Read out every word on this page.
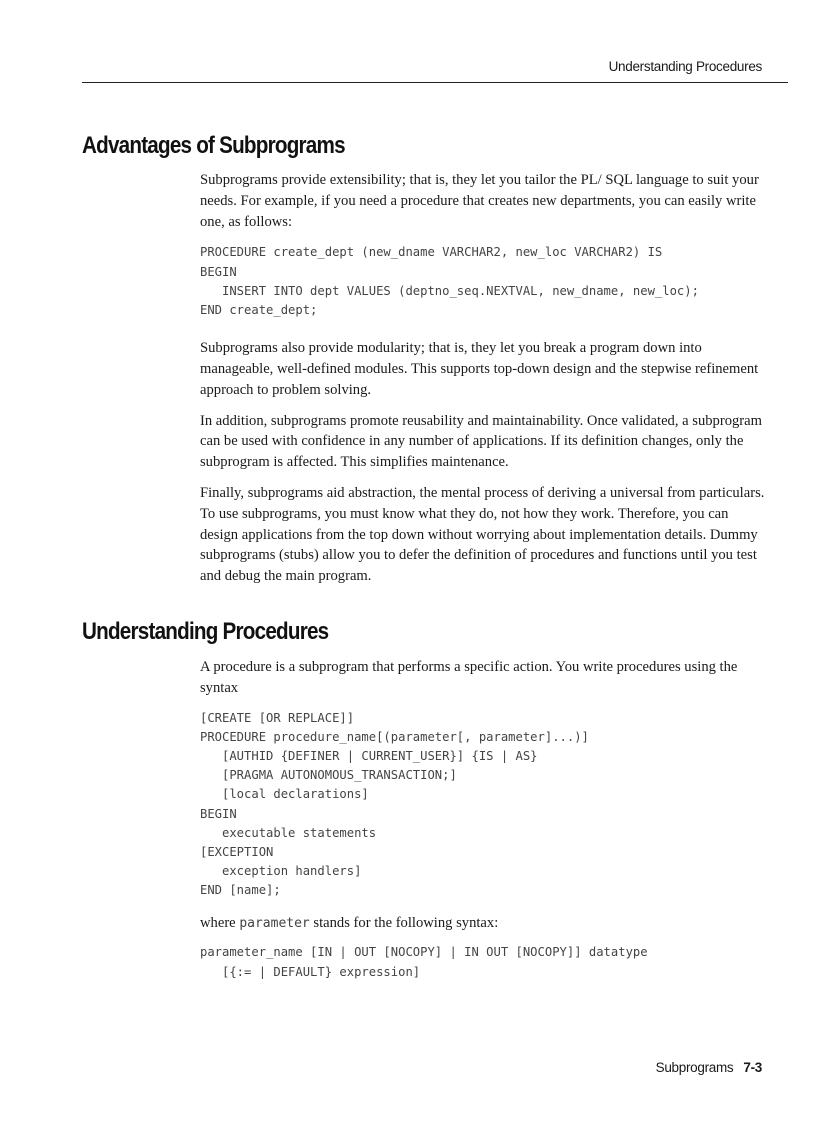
Understanding Procedures
Advantages of Subprograms

Subprograms provide extensibility; that is, they let you tailor the PL/ SQL language to suit your needs. For example, if you need a procedure that creates new departments, you can easily write one, as follows:

PROCEDURE create_dept (new_dname VARCHAR2, new_loc VARCHAR2) IS
BEGIN
INSERT INTO dept VALUES (deptno_seq.NEXTVAL, new_dname, new_loc);
END create_dept;

Subprograms also provide modularity; that is, they let you break a program down into manageable, well-defined modules. This supports top-down design and the stepwise refinement approach to problem solving.

In addition, subprograms promote reusability and maintainability. Once validated, a subprogram can be used with confidence in any number of applications. If its definition changes, only the subprogram is affected. This simplifies maintenance.

Finally, subprograms aid abstraction, the mental process of deriving a universal from particulars. To use subprograms, you must know what they do, not how they work. Therefore, you can design applications from the top down without worrying about implementation details. Dummy subprograms (stubs) allow you to defer the definition of procedures and functions until you test and debug the main program.

Understanding Procedures

A procedure is a subprogram that performs a specific action. You write procedures using the syntax

[CREATE [OR REPLACE]]
PROCEDURE procedure_name[(parameter[, parameter]...)]
[AUTHID {DEFINER | CURRENT_USER}] {IS | AS}
[PRAGMA AUTONOMOUS_TRANSACTION;]
[local declarations]
BEGIN
executable statements
[EXCEPTION
exception handlers]
END [name];

where parameter stands for the following syntax:

parameter_name [IN | OUT [NOCOPY] | IN OUT [NOCOPY]] datatype
[{:= | DEFAULT} expression]
Subprograms 7-3
